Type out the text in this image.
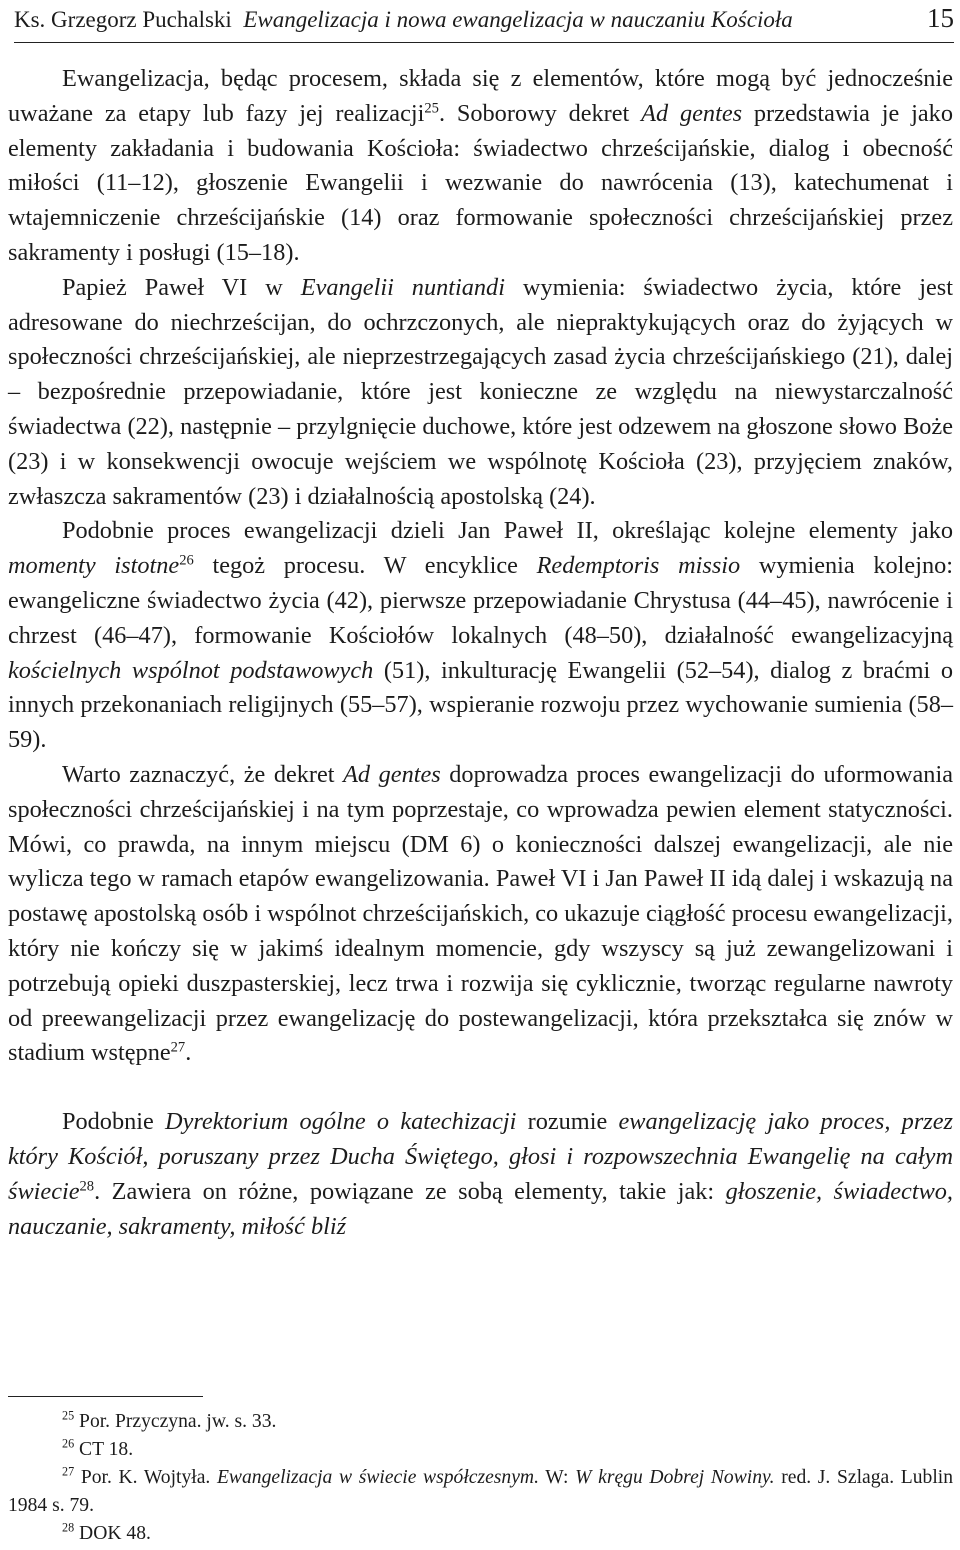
Ks. Grzegorz Puchalski Ewangelizacja i nowa ewangelizacja w nauczaniu Kościoła	15

Ewangelizacja, będąc procesem, składa się z elementów, które mogą być jednocześnie uważane za etapy lub fazy jej realizacji$^{25}$. Soborowy dekret Ad gentes przedstawia je jako elementy zakładania i budowania Kościoła: świadectwo chrześcijańskie, dialog i obecność miłości (11–12), głoszenie Ewangelii i wezwanie do nawrócenia (13), katechumenat i wtajemniczenie chrześcijańskie (14) oraz formowanie społeczności chrześcijańskiej przez sakramenty i posługi (15–18).

Papież Paweł VI w Evangelii nuntiandi wymienia: świadectwo życia, które jest adresowane do niechrześcijan, do ochrzczonych, ale niepraktykujących oraz do żyjących w społeczności chrześcijańskiej, ale nieprzestrzegających zasad życia chrześcijańskiego (21), dalej – bezpośrednie przepowiadanie, które jest konieczne ze względu na niewystarczalność świadectwa (22), następnie – przylgnięcie duchowe, które jest odzewem na głoszone słowo Boże (23) i w konsekwencji owocuje wejściem we wspólnotę Kościoła (23), przyjęciem znaków, zwłaszcza sakramentów (23) i działalnością apostolską (24).

Podobnie proces ewangelizacji dzieli Jan Paweł II, określając kolejne elementy jako momenty istotne$^{26}$ tegoż procesu. W encyklice Redemptoris missio wymienia kolejno: ewangeliczne świadectwo życia (42), pierwsze przepowiadanie Chrystusa (44–45), nawrócenie i chrzest (46–47), formowanie Kościołów lokalnych (48–50), działalność ewangelizacyjną kościelnych wspólnot podstawowych (51), inkulturację Ewangelii (52–54), dialog z braćmi o innych przekonaniach religijnych (55–57), wspieranie rozwoju przez wychowanie sumienia (58–59).

Warto zaznaczyć, że dekret Ad gentes doprowadza proces ewangelizacji do uformowania społeczności chrześcijańskiej i na tym poprzestaje, co wprowadza pewien element statyczności. Mówi, co prawda, na innym miejscu (DM 6) o konieczności dalszej ewangelizacji, ale nie wylicza tego w ramach etapów ewangelizowania. Paweł VI i Jan Paweł II idą dalej i wskazują na postawę apostolską osób i wspólnot chrześcijańskich, co ukazuje ciągłość procesu ewangelizacji, który nie kończy się w jakimś idealnym momencie, gdy wszyscy są już zewangelizowani i potrzebują opieki duszpasterskiej, lecz trwa i rozwija się cyklicznie, tworząc regularne nawroty od preewangelizacji przez ewangelizację do postewangelizacji, która przekształca się znów w stadium wstępne$^{27}$.

Podobnie Dyrektorium ogólne o katechizacji rozumie ewangelizację jako proces, przez który Kościół, poruszany przez Ducha Świętego, głosi i rozpowszechnia Ewangelię na całym świecie$^{28}$. Zawiera on różne, powiązane ze sobą elementy, takie jak: głoszenie, świadectwo, nauczanie, sakramenty, miłość bliź

$^{25}$ Por. Przyczyna. jw. s. 33.

$^{26}$ CT 18.

$^{27}$ Por. K. Wojtyła. Ewangelizacja w świecie współczesnym. W: W kręgu Dobrej Nowiny. red. J. Szlaga. Lublin 1984 s. 79.

$^{28}$ DOK 48.
